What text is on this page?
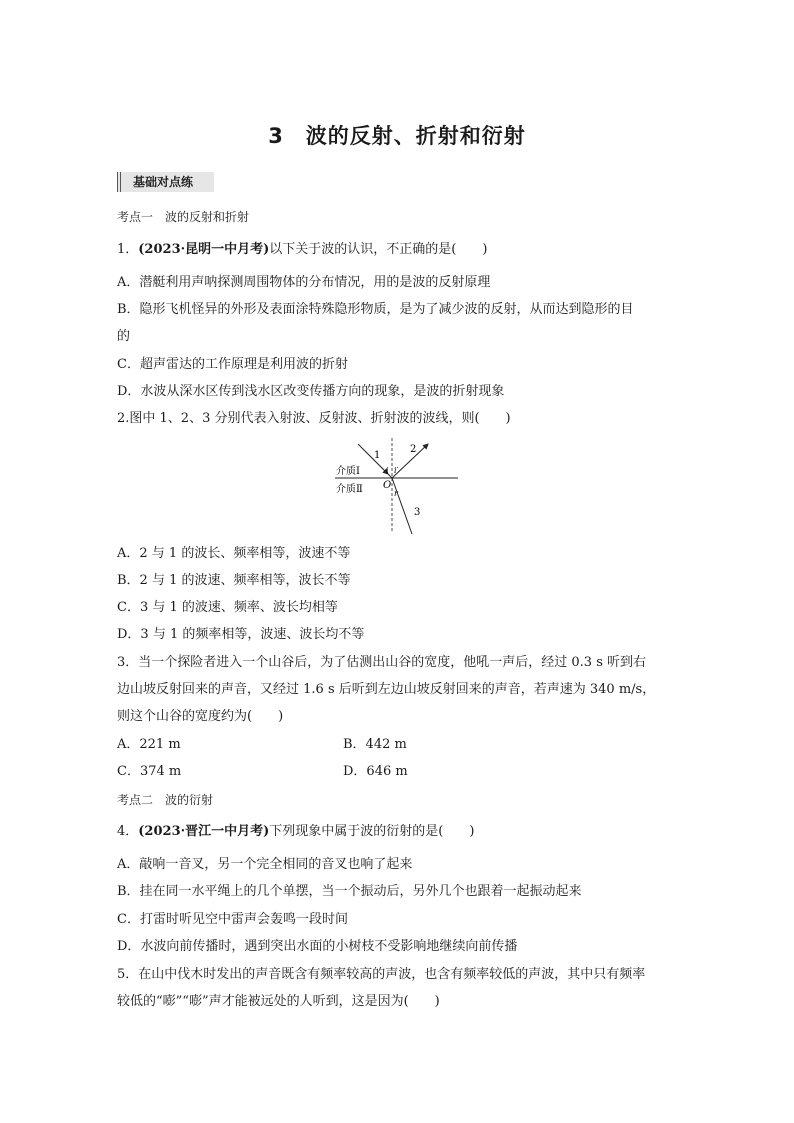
3　波的反射、折射和衍射
基础对点练
考点一　波的反射和折射
1．(2023·昆明一中月考)以下关于波的认识，不正确的是(　　)
A．潜艇利用声呐探测周围物体的分布情况，用的是波的反射原理
B．隐形飞机怪异的外形及表面涂特殊隐形物质，是为了减少波的反射，从而达到隐形的目
的
C．超声雷达的工作原理是利用波的折射
D．水波从深水区传到浅水区改变传播方向的现象，是波的折射现象
2.图中 1、2、3 分别代表入射波、反射波、折射波的波线，则(　　)
1
2
3
i i′
r
O
介质Ⅰ
介质Ⅱ
A．2 与 1 的波长、频率相等，波速不等
B．2 与 1 的波速、频率相等，波长不等
C．3 与 1 的波速、频率、波长均相等
D．3 与 1 的频率相等，波速、波长均不等
3．当一个探险者进入一个山谷后，为了估测出山谷的宽度，他吼一声后，经过 0.3 s 听到右
边山坡反射回来的声音，又经过 1.6 s 后听到左边山坡反射回来的声音，若声速为 340 m/s，
则这个山谷的宽度约为(　　)
A．221 m	B．442 m
C．374 m	D．646 m
考点二　波的衍射
4．(2023·晋江一中月考)下列现象中属于波的衍射的是(　　)
A．敲响一音叉，另一个完全相同的音叉也响了起来
B．挂在同一水平绳上的几个单摆，当一个振动后，另外几个也跟着一起振动起来
C．打雷时听见空中雷声会轰鸣一段时间
D．水波向前传播时，遇到突出水面的小树枝不受影响地继续向前传播
5．在山中伐木时发出的声音既含有频率较高的声波，也含有频率较低的声波，其中只有频率
较低的“嘭”“嘭”声才能被远处的人听到，这是因为(　　)
